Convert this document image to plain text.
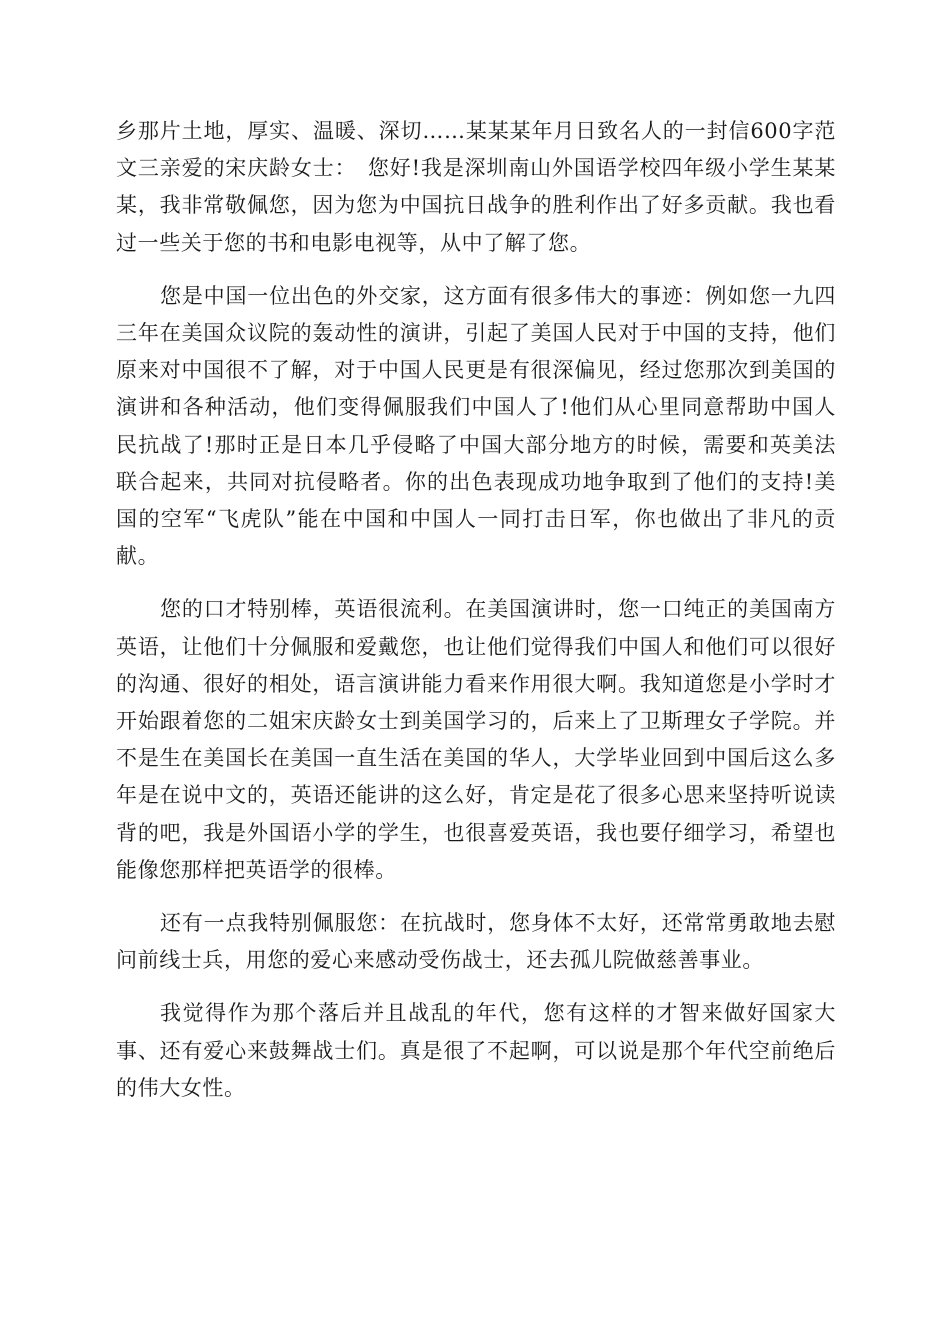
乡那片土地，厚实、温暖、深切……某某某年月日致名人的一封信600字范文三亲爱的宋庆龄女士：　您好!我是深圳南山外国语学校四年级小学生某某某，我非常敬佩您，因为您为中国抗日战争的胜利作出了好多贡献。我也看过一些关于您的书和电影电视等，从中了解了您。

您是中国一位出色的外交家，这方面有很多伟大的事迹：例如您一九四三年在美国众议院的轰动性的演讲，引起了美国人民对于中国的支持，他们原来对中国很不了解，对于中国人民更是有很深偏见，经过您那次到美国的演讲和各种活动，他们变得佩服我们中国人了!他们从心里同意帮助中国人民抗战了!那时正是日本几乎侵略了中国大部分地方的时候，需要和英美法联合起来，共同对抗侵略者。你的出色表现成功地争取到了他们的支持!美国的空军“飞虎队”能在中国和中国人一同打击日军，你也做出了非凡的贡献。

您的口才特别棒，英语很流利。在美国演讲时，您一口纯正的美国南方英语，让他们十分佩服和爱戴您，也让他们觉得我们中国人和他们可以很好的沟通、很好的相处，语言演讲能力看来作用很大啊。我知道您是小学时才开始跟着您的二姐宋庆龄女士到美国学习的，后来上了卫斯理女子学院。并不是生在美国长在美国一直生活在美国的华人，大学毕业回到中国后这么多年是在说中文的，英语还能讲的这么好，肯定是花了很多心思来坚持听说读背的吧，我是外国语小学的学生，也很喜爱英语，我也要仔细学习，希望也能像您那样把英语学的很棒。

还有一点我特别佩服您：在抗战时，您身体不太好，还常常勇敢地去慰问前线士兵，用您的爱心来感动受伤战士，还去孤儿院做慈善事业。

我觉得作为那个落后并且战乱的年代，您有这样的才智来做好国家大事、还有爱心来鼓舞战士们。真是很了不起啊，可以说是那个年代空前绝后的伟大女性。
